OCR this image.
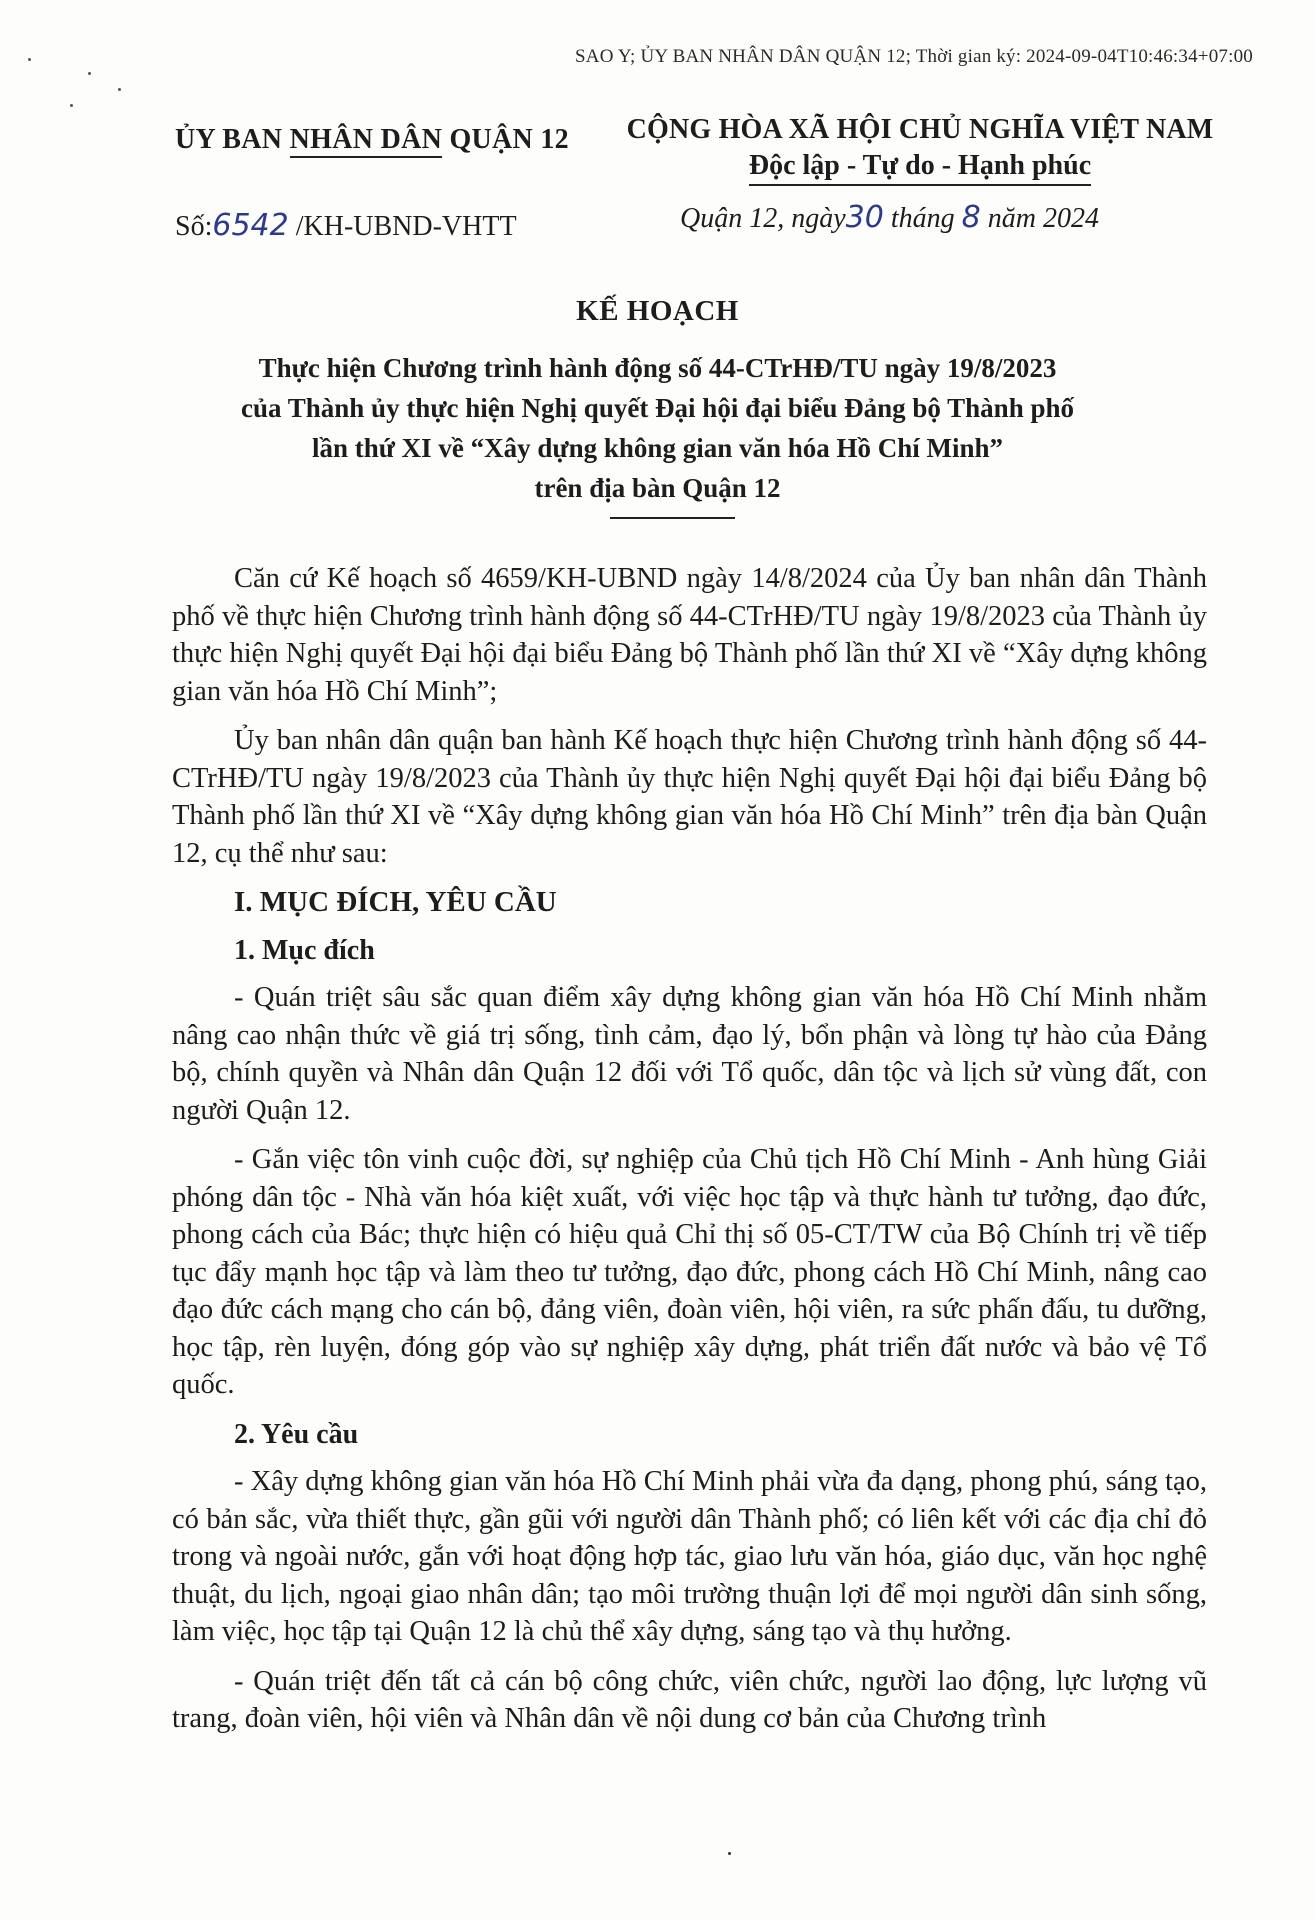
SAO Y; ỦY BAN NHÂN DÂN QUẬN 12; Thời gian ký: 2024-09-04T10:46:34+07:00
ỦY BAN NHÂN DÂN QUẬN 12
Số:6542 /KH-UBND-VHTT
CỘNG HÒA XÃ HỘI CHỦ NGHĨA VIỆT NAM
Độc lập - Tự do - Hạnh phúc
Quận 12, ngày30 tháng 8 năm 2024
KẾ HOẠCH
Thực hiện Chương trình hành động số 44-CTrHĐ/TU ngày 19/8/2023
của Thành ủy thực hiện Nghị quyết Đại hội đại biểu Đảng bộ Thành phố
lần thứ XI về “Xây dựng không gian văn hóa Hồ Chí Minh”
trên địa bàn Quận 12

Căn cứ Kế hoạch số 4659/KH-UBND ngày 14/8/2024 của Ủy ban nhân dân Thành phố về thực hiện Chương trình hành động số 44-CTrHĐ/TU ngày 19/8/2023 của Thành ủy thực hiện Nghị quyết Đại hội đại biểu Đảng bộ Thành phố lần thứ XI về “Xây dựng không gian văn hóa Hồ Chí Minh”;

Ủy ban nhân dân quận ban hành Kế hoạch thực hiện Chương trình hành động số 44-CTrHĐ/TU ngày 19/8/2023 của Thành ủy thực hiện Nghị quyết Đại hội đại biểu Đảng bộ Thành phố lần thứ XI về “Xây dựng không gian văn hóa Hồ Chí Minh” trên địa bàn Quận 12, cụ thể như sau:

I. MỤC ĐÍCH, YÊU CẦU
1. Mục đích

- Quán triệt sâu sắc quan điểm xây dựng không gian văn hóa Hồ Chí Minh nhằm nâng cao nhận thức về giá trị sống, tình cảm, đạo lý, bổn phận và lòng tự hào của Đảng bộ, chính quyền và Nhân dân Quận 12 đối với Tổ quốc, dân tộc và lịch sử vùng đất, con người Quận 12.

- Gắn việc tôn vinh cuộc đời, sự nghiệp của Chủ tịch Hồ Chí Minh - Anh hùng Giải phóng dân tộc - Nhà văn hóa kiệt xuất, với việc học tập và thực hành tư tưởng, đạo đức, phong cách của Bác; thực hiện có hiệu quả Chỉ thị số 05-CT/TW của Bộ Chính trị về tiếp tục đẩy mạnh học tập và làm theo tư tưởng, đạo đức, phong cách Hồ Chí Minh, nâng cao đạo đức cách mạng cho cán bộ, đảng viên, đoàn viên, hội viên, ra sức phấn đấu, tu dưỡng, học tập, rèn luyện, đóng góp vào sự nghiệp xây dựng, phát triển đất nước và bảo vệ Tổ quốc.

2. Yêu cầu

- Xây dựng không gian văn hóa Hồ Chí Minh phải vừa đa dạng, phong phú, sáng tạo, có bản sắc, vừa thiết thực, gần gũi với người dân Thành phố; có liên kết với các địa chỉ đỏ trong và ngoài nước, gắn với hoạt động hợp tác, giao lưu văn hóa, giáo dục, văn học nghệ thuật, du lịch, ngoại giao nhân dân; tạo môi trường thuận lợi để mọi người dân sinh sống, làm việc, học tập tại Quận 12 là chủ thể xây dựng, sáng tạo và thụ hưởng.

- Quán triệt đến tất cả cán bộ công chức, viên chức, người lao động, lực lượng vũ trang, đoàn viên, hội viên và Nhân dân về nội dung cơ bản của Chương trình
